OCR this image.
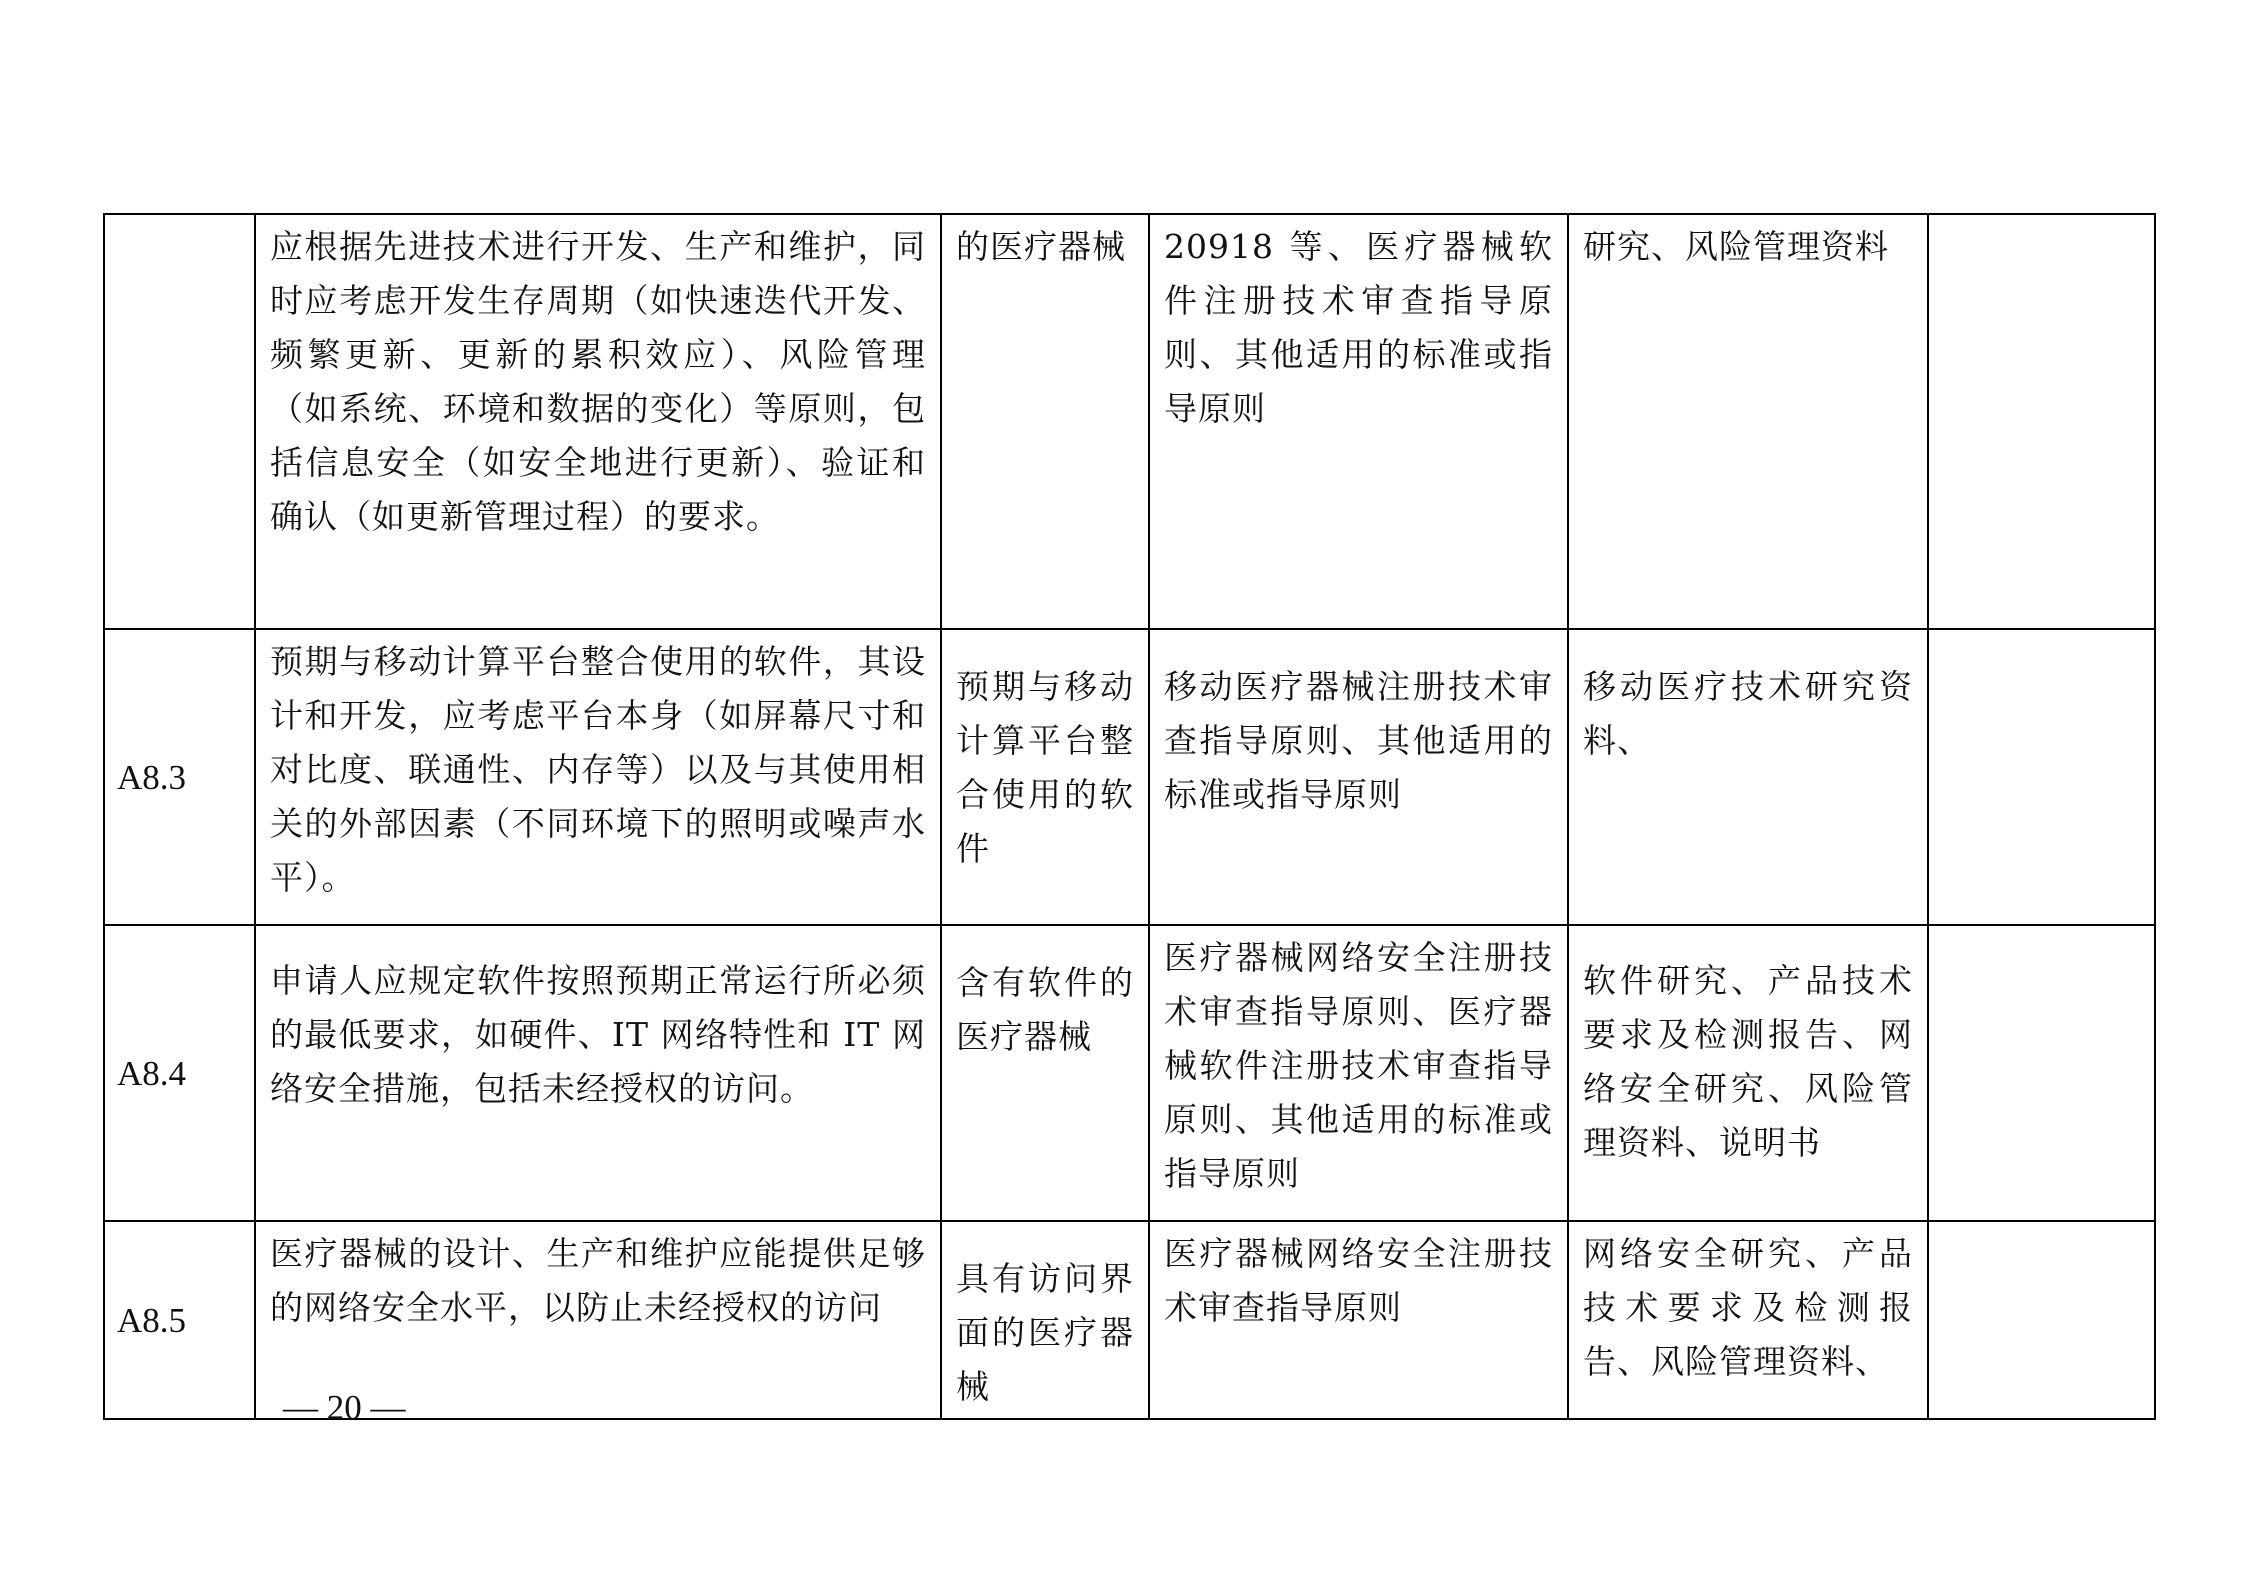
	应根据先进技术进行开发、生产和维护，同时应考虑开发生存周期（如快速迭代开发、频繁更新、更新的累积效应）、风险管理（如系统、环境和数据的变化）等原则，包括信息安全（如安全地进行更新）、验证和确认（如更新管理过程）的要求。	的医疗器械	20918 等、医疗器械软件注册技术审查指导原则、其他适用的标准或指导原则	研究、风险管理资料	
A8.3	预期与移动计算平台整合使用的软件，其设计和开发，应考虑平台本身（如屏幕尺寸和对比度、联通性、内存等）以及与其使用相关的外部因素（不同环境下的照明或噪声水平）。	预期与移动计算平台整合使用的软件	移动医疗器械注册技术审查指导原则、其他适用的标准或指导原则	移动医疗技术研究资料、	
A8.4	申请人应规定软件按照预期正常运行所必须的最低要求，如硬件、IT 网络特性和 IT 网络安全措施，包括未经授权的访问。	含有软件的医疗器械	医疗器械网络安全注册技术审查指导原则、医疗器械软件注册技术审查指导原则、其他适用的标准或指导原则	软件研究、产品技术要求及检测报告、网络安全研究、风险管理资料、说明书	
A8.5	医疗器械的设计、生产和维护应能提供足够的网络安全水平，以防止未经授权的访问	具有访问界面的医疗器械	医疗器械网络安全注册技术审查指导原则	网络安全研究、产品技术要求及检测报告、风险管理资料、	
— 20 —
